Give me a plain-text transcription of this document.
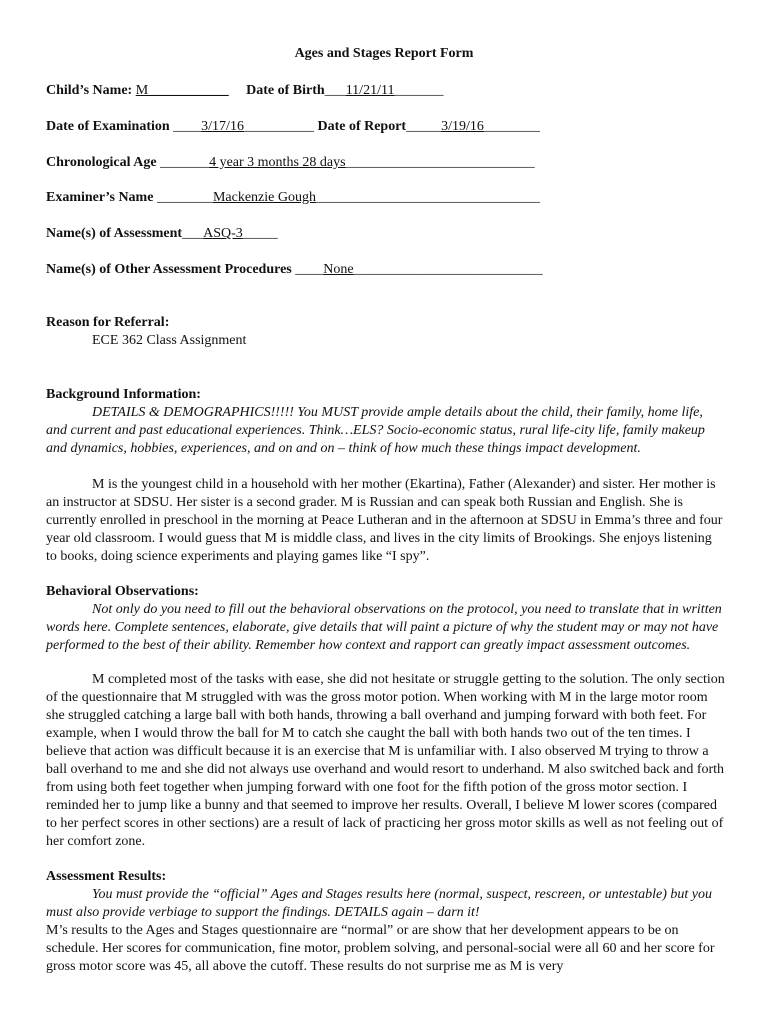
Ages and Stages Report Form
Child’s Name: M ___________ Date of Birth___11/21/11_______
Date of Examination ____3/17/16__________ Date of Report_____3/19/16________
Chronological Age _______4 year 3 months 28 days___________________________
Examiner’s Name ________Mackenzie Gough________________________________
Name(s) of Assessment___ASQ-3_____
Name(s) of Other Assessment Procedures ____None___________________________
Reason for Referral:
ECE 362 Class Assignment
Background Information:

DETAILS & DEMOGRAPHICS!!!!! You MUST provide ample details about the child, their family, home life, and current and past educational experiences. Think…ELS? Socio-economic status, rural life-city life, family makeup and dynamics, hobbies, experiences, and on and on – think of how much these things impact development.

M is the youngest child in a household with her mother (Ekartina), Father (Alexander) and sister. Her mother is an instructor at SDSU. Her sister is a second grader. M is Russian and can speak both Russian and English. She is currently enrolled in preschool in the morning at Peace Lutheran and in the afternoon at SDSU in Emma’s three and four year old classroom. I would guess that M is middle class, and lives in the city limits of Brookings. She enjoys listening to books, doing science experiments and playing games like “I spy”.

Behavioral Observations:

Not only do you need to fill out the behavioral observations on the protocol, you need to translate that in written words here. Complete sentences, elaborate, give details that will paint a picture of why the student may or may not have performed to the best of their ability. Remember how context and rapport can greatly impact assessment outcomes.

M completed most of the tasks with ease, she did not hesitate or struggle getting to the solution. The only section of the questionnaire that M struggled with was the gross motor potion. When working with M in the large motor room she struggled catching a large ball with both hands, throwing a ball overhand and jumping forward with both feet. For example, when I would throw the ball for M to catch she caught the ball with both hands two out of the ten times. I believe that action was difficult because it is an exercise that M is unfamiliar with. I also observed M trying to throw a ball overhand to me and she did not always use overhand and would resort to underhand. M also switched back and forth from using both feet together when jumping forward with one foot for the fifth potion of the gross motor section. I reminded her to jump like a bunny and that seemed to improve her results. Overall, I believe M lower scores (compared to her perfect scores in other sections) are a result of lack of practicing her gross motor skills as well as not feeling out of her comfort zone.

Assessment Results:

You must provide the “official” Ages and Stages results here (normal, suspect, rescreen, or untestable) but you must also provide verbiage to support the findings. DETAILS again – darn it!

M’s results to the Ages and Stages questionnaire are “normal” or are show that her development appears to be on schedule. Her scores for communication, fine motor, problem solving, and personal-social were all 60 and her score for gross motor score was 45, all above the cutoff. These results do not surprise me as M is very
